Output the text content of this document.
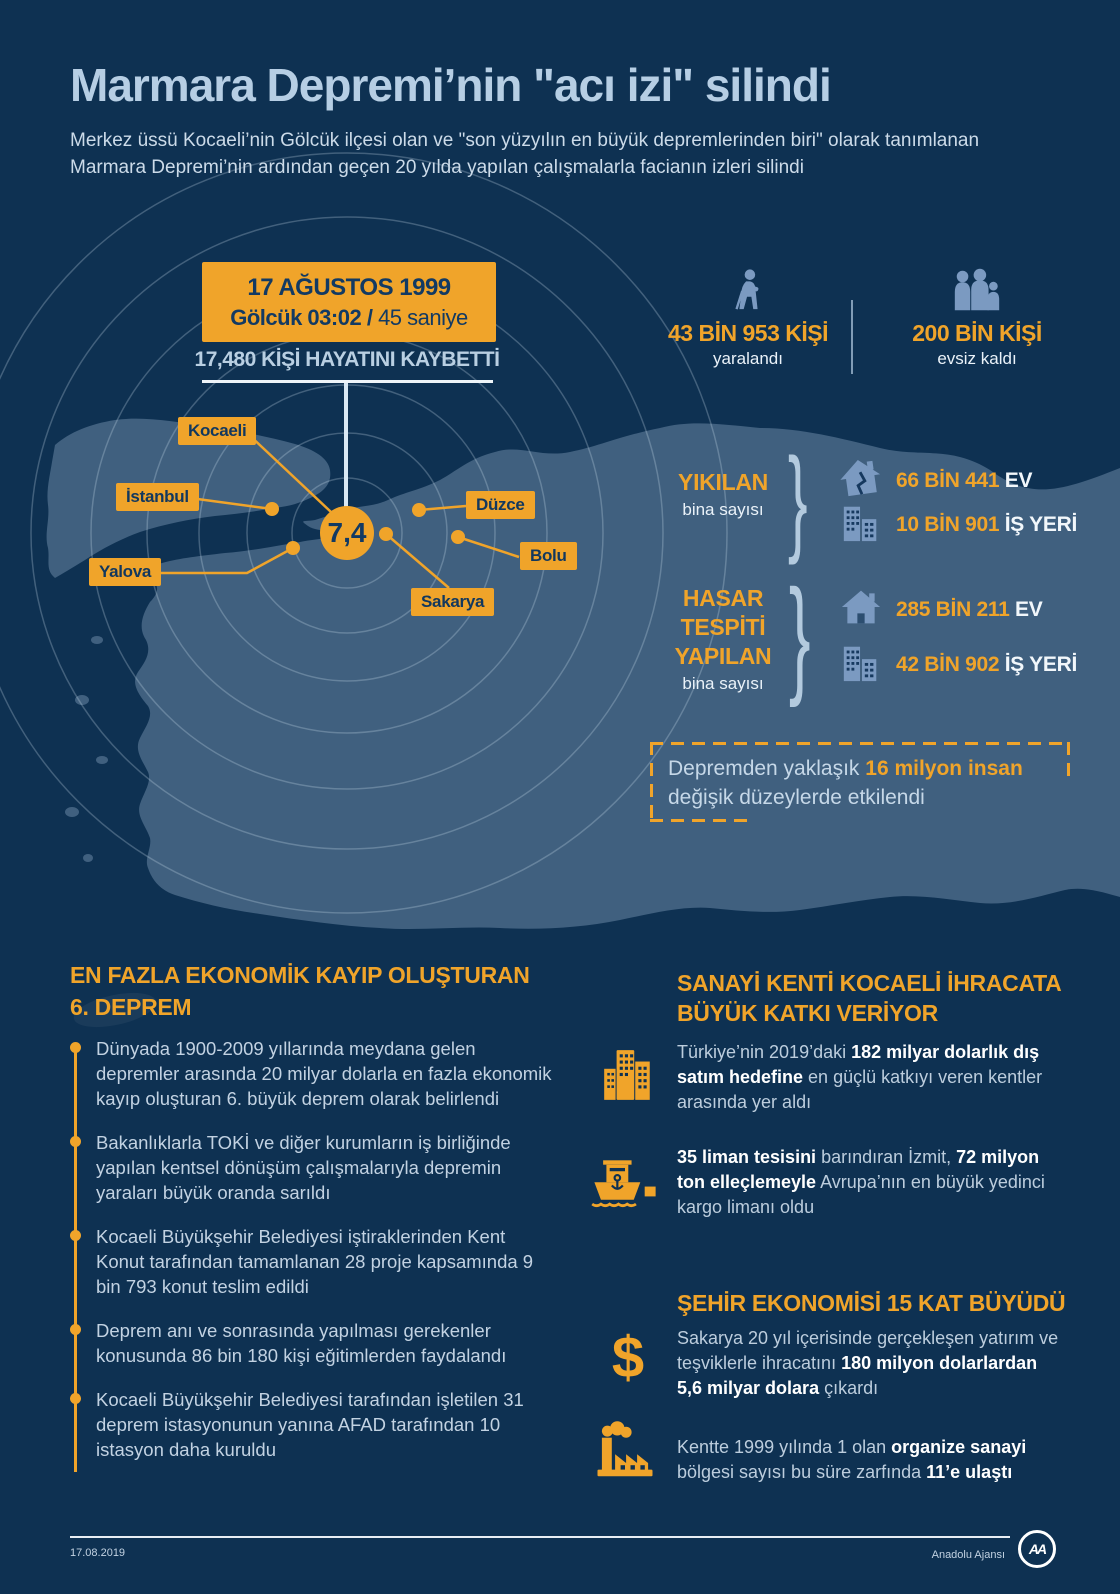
Marmara Depremi’nin "acı izi" silindi
Merkez üssü Kocaeli’nin Gölcük ilçesi olan ve "son yüzyılın en büyük depremlerinden biri" olarak tanımlanan Marmara Depremi’nin ardından geçen 20 yılda yapılan çalışmalarla facianın izleri silindi
17 AĞUSTOS 1999
Gölcük 03:02 / 45 saniye
17,480 KİŞİ HAYATINI KAYBETTİ
43 BİN 953 KİŞİ
yaralandı
200 BİN KİŞİ
evsiz kaldı
Kocaeli
İstanbul
Yalova
Düzce
Bolu
Sakarya
7,4
YIKILAN
bina sayısı }	66 BİN 441 EV
10 BİN 901 İŞ YERİ
HASAR
TESPİTİ
YAPILAN
bina sayısı }	285 BİN 211 EV
42 BİN 902 İŞ YERİ
Depremden yaklaşık 16 milyon insan değişik düzeylerde etkilendi
EN FAZLA EKONOMİK KAYIP OLUŞTURAN
6. DEPREM
Dünyada 1900-2009 yıllarında meydana gelen depremler arasında 20 milyar dolarla en fazla ekonomik kayıp oluşturan 6. büyük deprem olarak belirlendi
Bakanlıklarla TOKİ ve diğer kurumların iş birliğinde yapılan kentsel dönüşüm çalışmalarıyla depremin yaraları büyük oranda sarıldı
Kocaeli Büyükşehir Belediyesi iştiraklerinden Kent Konut tarafından tamamlanan 28 proje kapsamında 9 bin 793 konut teslim edildi
Deprem anı ve sonrasında yapılması gerekenler konusunda 86 bin 180 kişi eğitimlerden faydalandı
Kocaeli Büyükşehir Belediyesi tarafından işletilen 31 deprem istasyonunun yanına AFAD tarafından 10 istasyon daha kuruldu
SANAYİ KENTİ KOCAELİ İHRACATA
BÜYÜK KATKI VERİYOR
Türkiye’nin 2019’daki 182 milyar dolarlık dış satım hedefine en güçlü katkıyı veren kentler arasında yer aldı
35 liman tesisini barındıran İzmit, 72 milyon ton elleçlemeyle Avrupa’nın en büyük yedinci kargo limanı oldu
ŞEHİR EKONOMİSİ 15 KAT BÜYÜDÜ
$ Sakarya 20 yıl içerisinde gerçekleşen yatırım ve teşviklerle ihracatını 180 milyon dolarlardan 5,6 milyar dolara çıkardı
Kentte 1999 yılında 1 olan organize sanayi bölgesi sayısı bu süre zarfında 11’e ulaştı
17.08.2019	Anadolu Ajansı AA
